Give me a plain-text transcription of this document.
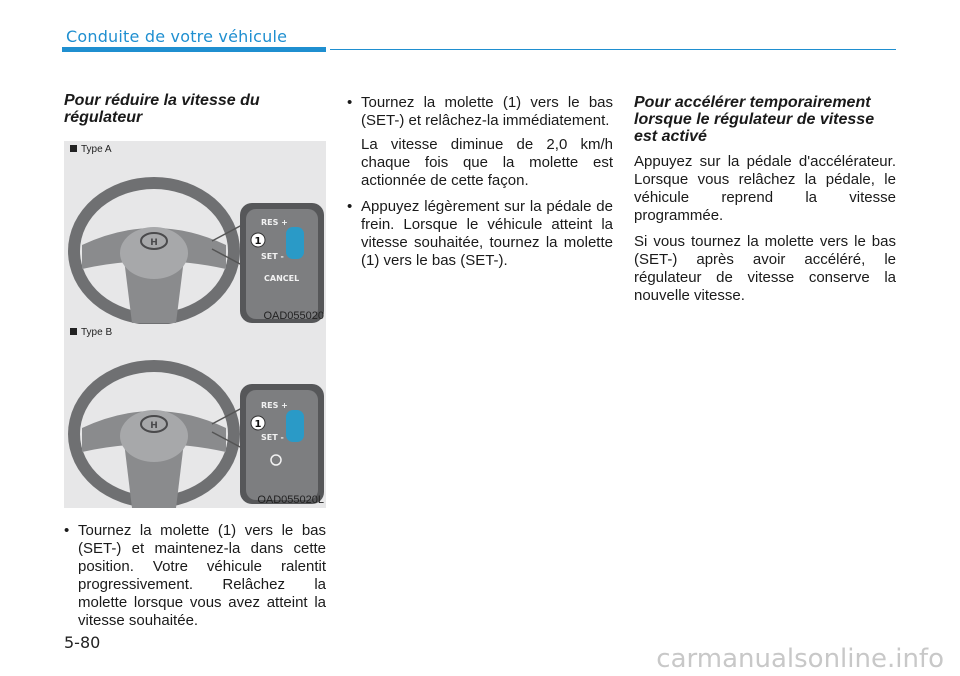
Conduite de votre véhicule
Pour réduire la vitesse du
régulateur
H
RES +
SET -
CANCEL
1
Type A
OAD055020
H
RES +
SET -
1
Type B
OAD055020L

• Tournez la molette (1) vers le bas (SET-) et maintenez-la dans cette position. Votre véhicule ralentit progressivement. Relâchez la molette lorsque vous avez atteint la vitesse souhaitée.

• Tournez la molette (1) vers le bas (SET-) et relâchez-la immédiatement.

La vitesse diminue de 2,0 km/h chaque fois que la molette est actionnée de cette façon.

• Appuyez légèrement sur la pédale de frein. Lorsque le véhicule atteint la vitesse souhaitée, tournez la molette (1) vers le bas (SET-).

Pour accélérer temporairement
lorsque le régulateur de vitesse
est activé

Appuyez sur la pédale d'accélérateur. Lorsque vous relâchez la pédale, le véhicule reprend la vitesse programmée.

Si vous tournez la molette vers le bas (SET-) après avoir accéléré, le régulateur de vitesse conserve la nouvelle vitesse.

5-80
carmanualsonline.info
